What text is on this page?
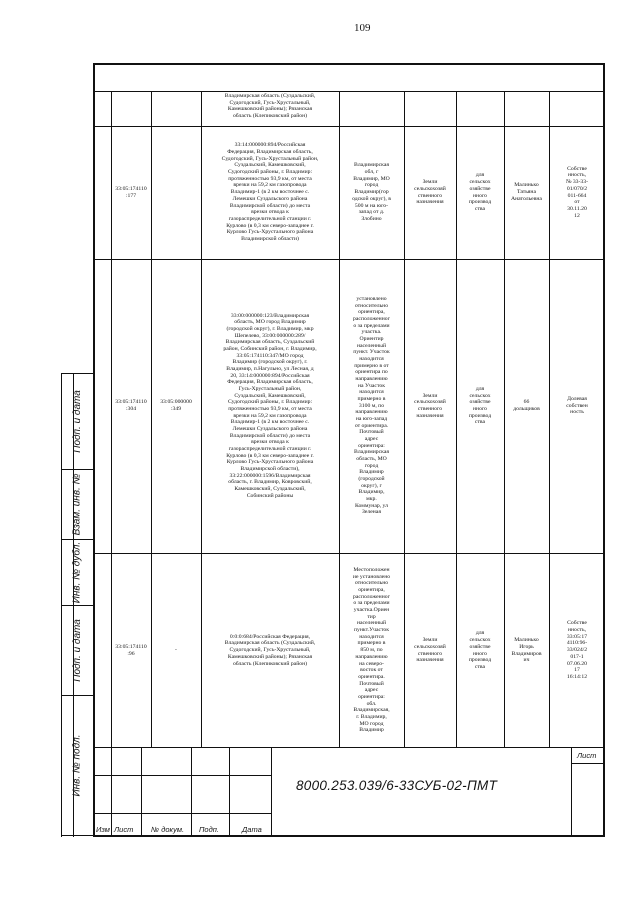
109
Подп. и дата
Взам. инв. №
Инв. № дубл.
Подп. и дата
Инв. № подл.
Владимирская область (Суздальский,
Судогодский, Гусь-Хрустальный,
Камешковский районы); Рязанская
область (Клепиковский район)
33:05:174110
:177
33:14:000000:894/Российская
Федерация, Владимирская область,
Судогодский, Гусь-Хрустальный район,
Суздальский, Камешковский,
Судогодский районы, г. Владимир:
протяженностью 93,9 км, от места
врезки на 59,2 км газопровода
Владимир-1 (в 2 км восточнее с.
Лемешки Суздальского района
Владимирской области) до места
врезки отвода к
газораспределительной станции г.
Курлово (в 0,3 км северо-западнее г.
Курлово Гусь-Хрустального района
Владимирской области)
Владимирская
обл, г
Владимир, МО
город
Владимир(гор
одской округ), в
500 м на юго-
запад от д.
Злобино
Земли
сельскохозяй
ственного
назначения
для
сельскох
озяйстве
нного
производ
ства
Малинько
Татьяна
Анатольевна
Собстве
нность,
№ 33-33-
01/070/2
011-664
от
30.11.20
12
33:05:174110
:304
33:05:000000
:349
33:00:000000:123/Владимирская
область, МО город Владимир
(городской округ), г. Владимир, мкр
Шепелево, 33:00:000000:289/
Владимирская область, Суздальский
район, Собинский район, г. Владимир,
33:05:174110:347/МО город
Владимир (городской округ), г.
Владимир, п.Нагульно, ул Лесная, д
20, 33:14:000000:894/Российская
Федерация, Владимирская область,
Гусь-Хрустальный район,
Суздальский, Камешковский,
Судогодский районы, г. Владимир:
протяженностью 93,9 км, от места
врезки на 59,2 км газопровода
Владимир-1 (в 2 км восточнее с.
Лемешки Суздальского района
Владимирской области) до места
врезки отвода к
газораспределительной станции г.
Курлово (в 0,3 км северо-западнее г.
Курлово Гусь-Хрустального района
Владимирской области),
33:22:000000:1596/Владимирская
область, г. Владимир, Ковровский,
Камешковский, Суздальский,
Собинский районы
установлено
относительно
ориентира,
расположенног
о за пределами
участка.
Ориентир
населенный
пункт. Участок
находится
примерно в от
ориентира по
направлению
на Участок
находится
примерно в
3100 м, по
направлению
на юго-запад
от ориентира.
Почтовый
адрес
ориентира:
Владимирская
область, МО
город
Владимир
(городской
округ), г
Владимир,
мкр.
Коммунар, ул
Зеленая
Земли
сельскохозяй
ственного
назначения
для
сельскох
озяйстве
нного
производ
ства
66
дольщиков
Долевая
собствен
ность
33:05:174110
:96
-
0:0:0:684/Российская Федерация,
Владимирская область (Суздальский,
Судогодский, Гусь-Хрустальный,
Камешковский районы); Рязанская
область (Клепиковский район)
Местоположен
ие установлено
относительно
ориентира,
расположенног
о за пределами
участка.Ориен
тир
населенный
пункт.Участок
находится
примерно в
850 м, по
направлению
на северо-
восток от
ориентира.
Почтовый
адрес
ориентира:
обл.
Владимирская,
г. Владимир,
МО город
Владимир
Земли
сельскохозяй
ственного
назначения
для
сельскох
озяйстве
нного
производ
ства
Малинько
Игорь
Владимиров
ич
Собстве
нность,
33:05:17
4110:96-
33/024/2
017-1
07.06.20
17
16:14:12
8000.253.039/6-33СУБ-02-ПМТ
Изм Лист № докум. Подп.	Дата
Лист
